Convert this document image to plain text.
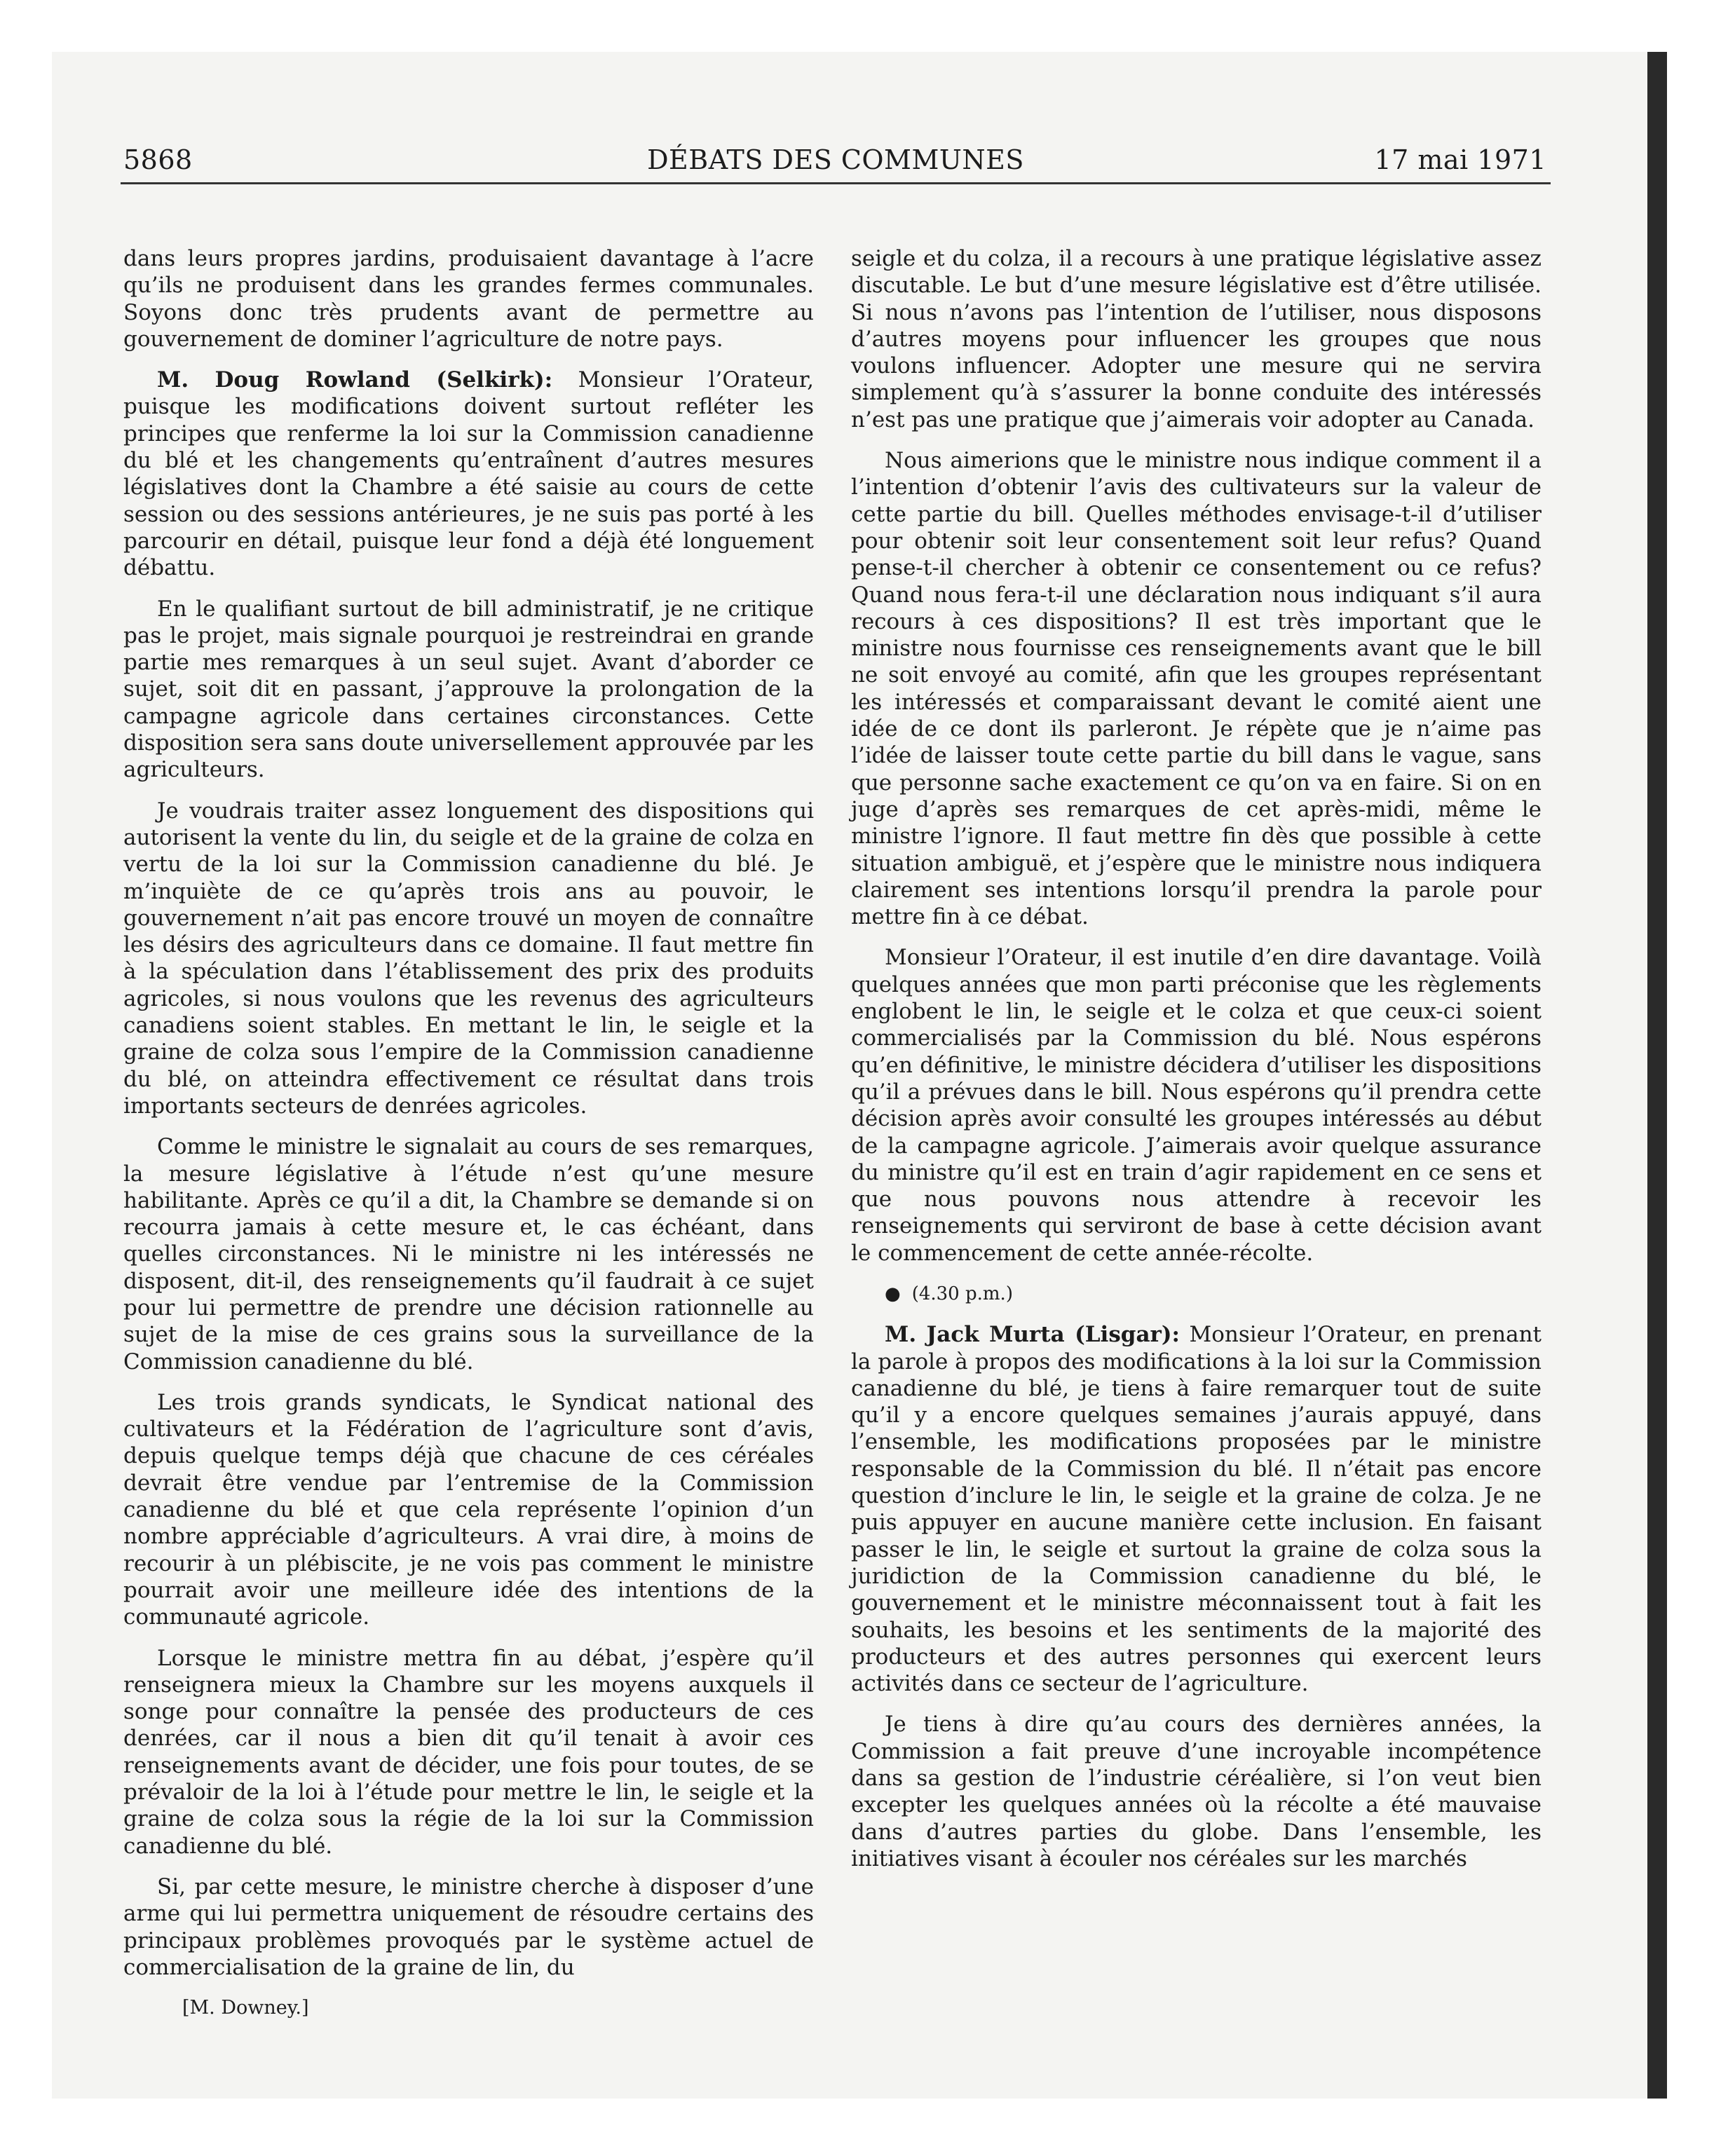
5868	DÉBATS DES COMMUNES	17 mai 1971

dans leurs propres jardins, produisaient davantage à l’acre qu’ils ne produisent dans les grandes fermes communales. Soyons donc très prudents avant de permettre au gouvernement de dominer l’agriculture de notre pays.

M. Doug Rowland (Selkirk): Monsieur l’Orateur, puisque les modifications doivent surtout refléter les principes que renferme la loi sur la Commission canadienne du blé et les changements qu’entraînent d’autres mesures législatives dont la Chambre a été saisie au cours de cette session ou des sessions antérieures, je ne suis pas porté à les parcourir en détail, puisque leur fond a déjà été longuement débattu.

En le qualifiant surtout de bill administratif, je ne critique pas le projet, mais signale pourquoi je restreindrai en grande partie mes remarques à un seul sujet. Avant d’aborder ce sujet, soit dit en passant, j’approuve la prolongation de la campagne agricole dans certaines circonstances. Cette disposition sera sans doute universellement approuvée par les agriculteurs.

Je voudrais traiter assez longuement des dispositions qui autorisent la vente du lin, du seigle et de la graine de colza en vertu de la loi sur la Commission canadienne du blé. Je m’inquiète de ce qu’après trois ans au pouvoir, le gouvernement n’ait pas encore trouvé un moyen de connaître les désirs des agriculteurs dans ce domaine. Il faut mettre fin à la spéculation dans l’établissement des prix des produits agricoles, si nous voulons que les revenus des agriculteurs canadiens soient stables. En mettant le lin, le seigle et la graine de colza sous l’empire de la Commission canadienne du blé, on atteindra effectivement ce résultat dans trois importants secteurs de denrées agricoles.

Comme le ministre le signalait au cours de ses remarques, la mesure législative à l’étude n’est qu’une mesure habilitante. Après ce qu’il a dit, la Chambre se demande si on recourra jamais à cette mesure et, le cas échéant, dans quelles circonstances. Ni le ministre ni les intéressés ne disposent, dit-il, des renseignements qu’il faudrait à ce sujet pour lui permettre de prendre une décision rationnelle au sujet de la mise de ces grains sous la surveillance de la Commission canadienne du blé.

Les trois grands syndicats, le Syndicat national des cultivateurs et la Fédération de l’agriculture sont d’avis, depuis quelque temps déjà que chacune de ces céréales devrait être vendue par l’entremise de la Commission canadienne du blé et que cela représente l’opinion d’un nombre appréciable d’agriculteurs. A vrai dire, à moins de recourir à un plébiscite, je ne vois pas comment le ministre pourrait avoir une meilleure idée des intentions de la communauté agricole.

Lorsque le ministre mettra fin au débat, j’espère qu’il renseignera mieux la Chambre sur les moyens auxquels il songe pour connaître la pensée des producteurs de ces denrées, car il nous a bien dit qu’il tenait à avoir ces renseignements avant de décider, une fois pour toutes, de se prévaloir de la loi à l’étude pour mettre le lin, le seigle et la graine de colza sous la régie de la loi sur la Commission canadienne du blé.

Si, par cette mesure, le ministre cherche à disposer d’une arme qui lui permettra uniquement de résoudre certains des principaux problèmes provoqués par le système actuel de commercialisation de la graine de lin, du

[M. Downey.]

seigle et du colza, il a recours à une pratique législative assez discutable. Le but d’une mesure législative est d’être utilisée. Si nous n’avons pas l’intention de l’utiliser, nous disposons d’autres moyens pour influencer les groupes que nous voulons influencer. Adopter une mesure qui ne servira simplement qu’à s’assurer la bonne conduite des intéressés n’est pas une pratique que j’aimerais voir adopter au Canada.

Nous aimerions que le ministre nous indique comment il a l’intention d’obtenir l’avis des cultivateurs sur la valeur de cette partie du bill. Quelles méthodes envisage-t-il d’utiliser pour obtenir soit leur consentement soit leur refus? Quand pense-t-il chercher à obtenir ce consentement ou ce refus? Quand nous fera-t-il une déclaration nous indiquant s’il aura recours à ces dispositions? Il est très important que le ministre nous fournisse ces renseignements avant que le bill ne soit envoyé au comité, afin que les groupes représentant les intéressés et comparaissant devant le comité aient une idée de ce dont ils parleront. Je répète que je n’aime pas l’idée de laisser toute cette partie du bill dans le vague, sans que personne sache exactement ce qu’on va en faire. Si on en juge d’après ses remarques de cet après-midi, même le ministre l’ignore. Il faut mettre fin dès que possible à cette situation ambiguë, et j’espère que le ministre nous indiquera clairement ses intentions lorsqu’il prendra la parole pour mettre fin à ce débat.

Monsieur l’Orateur, il est inutile d’en dire davantage. Voilà quelques années que mon parti préconise que les règlements englobent le lin, le seigle et le colza et que ceux-ci soient commercialisés par la Commission du blé. Nous espérons qu’en définitive, le ministre décidera d’utiliser les dispositions qu’il a prévues dans le bill. Nous espérons qu’il prendra cette décision après avoir consulté les groupes intéressés au début de la campagne agricole. J’aimerais avoir quelque assurance du ministre qu’il est en train d’agir rapidement en ce sens et que nous pouvons nous attendre à recevoir les renseignements qui serviront de base à cette décision avant le commencement de cette année-récolte.

● (4.30 p.m.)

M. Jack Murta (Lisgar): Monsieur l’Orateur, en prenant la parole à propos des modifications à la loi sur la Commission canadienne du blé, je tiens à faire remarquer tout de suite qu’il y a encore quelques semaines j’aurais appuyé, dans l’ensemble, les modifications proposées par le ministre responsable de la Commission du blé. Il n’était pas encore question d’inclure le lin, le seigle et la graine de colza. Je ne puis appuyer en aucune manière cette inclusion. En faisant passer le lin, le seigle et surtout la graine de colza sous la juridiction de la Commission canadienne du blé, le gouvernement et le ministre méconnaissent tout à fait les souhaits, les besoins et les sentiments de la majorité des producteurs et des autres personnes qui exercent leurs activités dans ce secteur de l’agriculture.

Je tiens à dire qu’au cours des dernières années, la Commission a fait preuve d’une incroyable incompétence dans sa gestion de l’industrie céréalière, si l’on veut bien excepter les quelques années où la récolte a été mauvaise dans d’autres parties du globe. Dans l’ensemble, les initiatives visant à écouler nos céréales sur les marchés
